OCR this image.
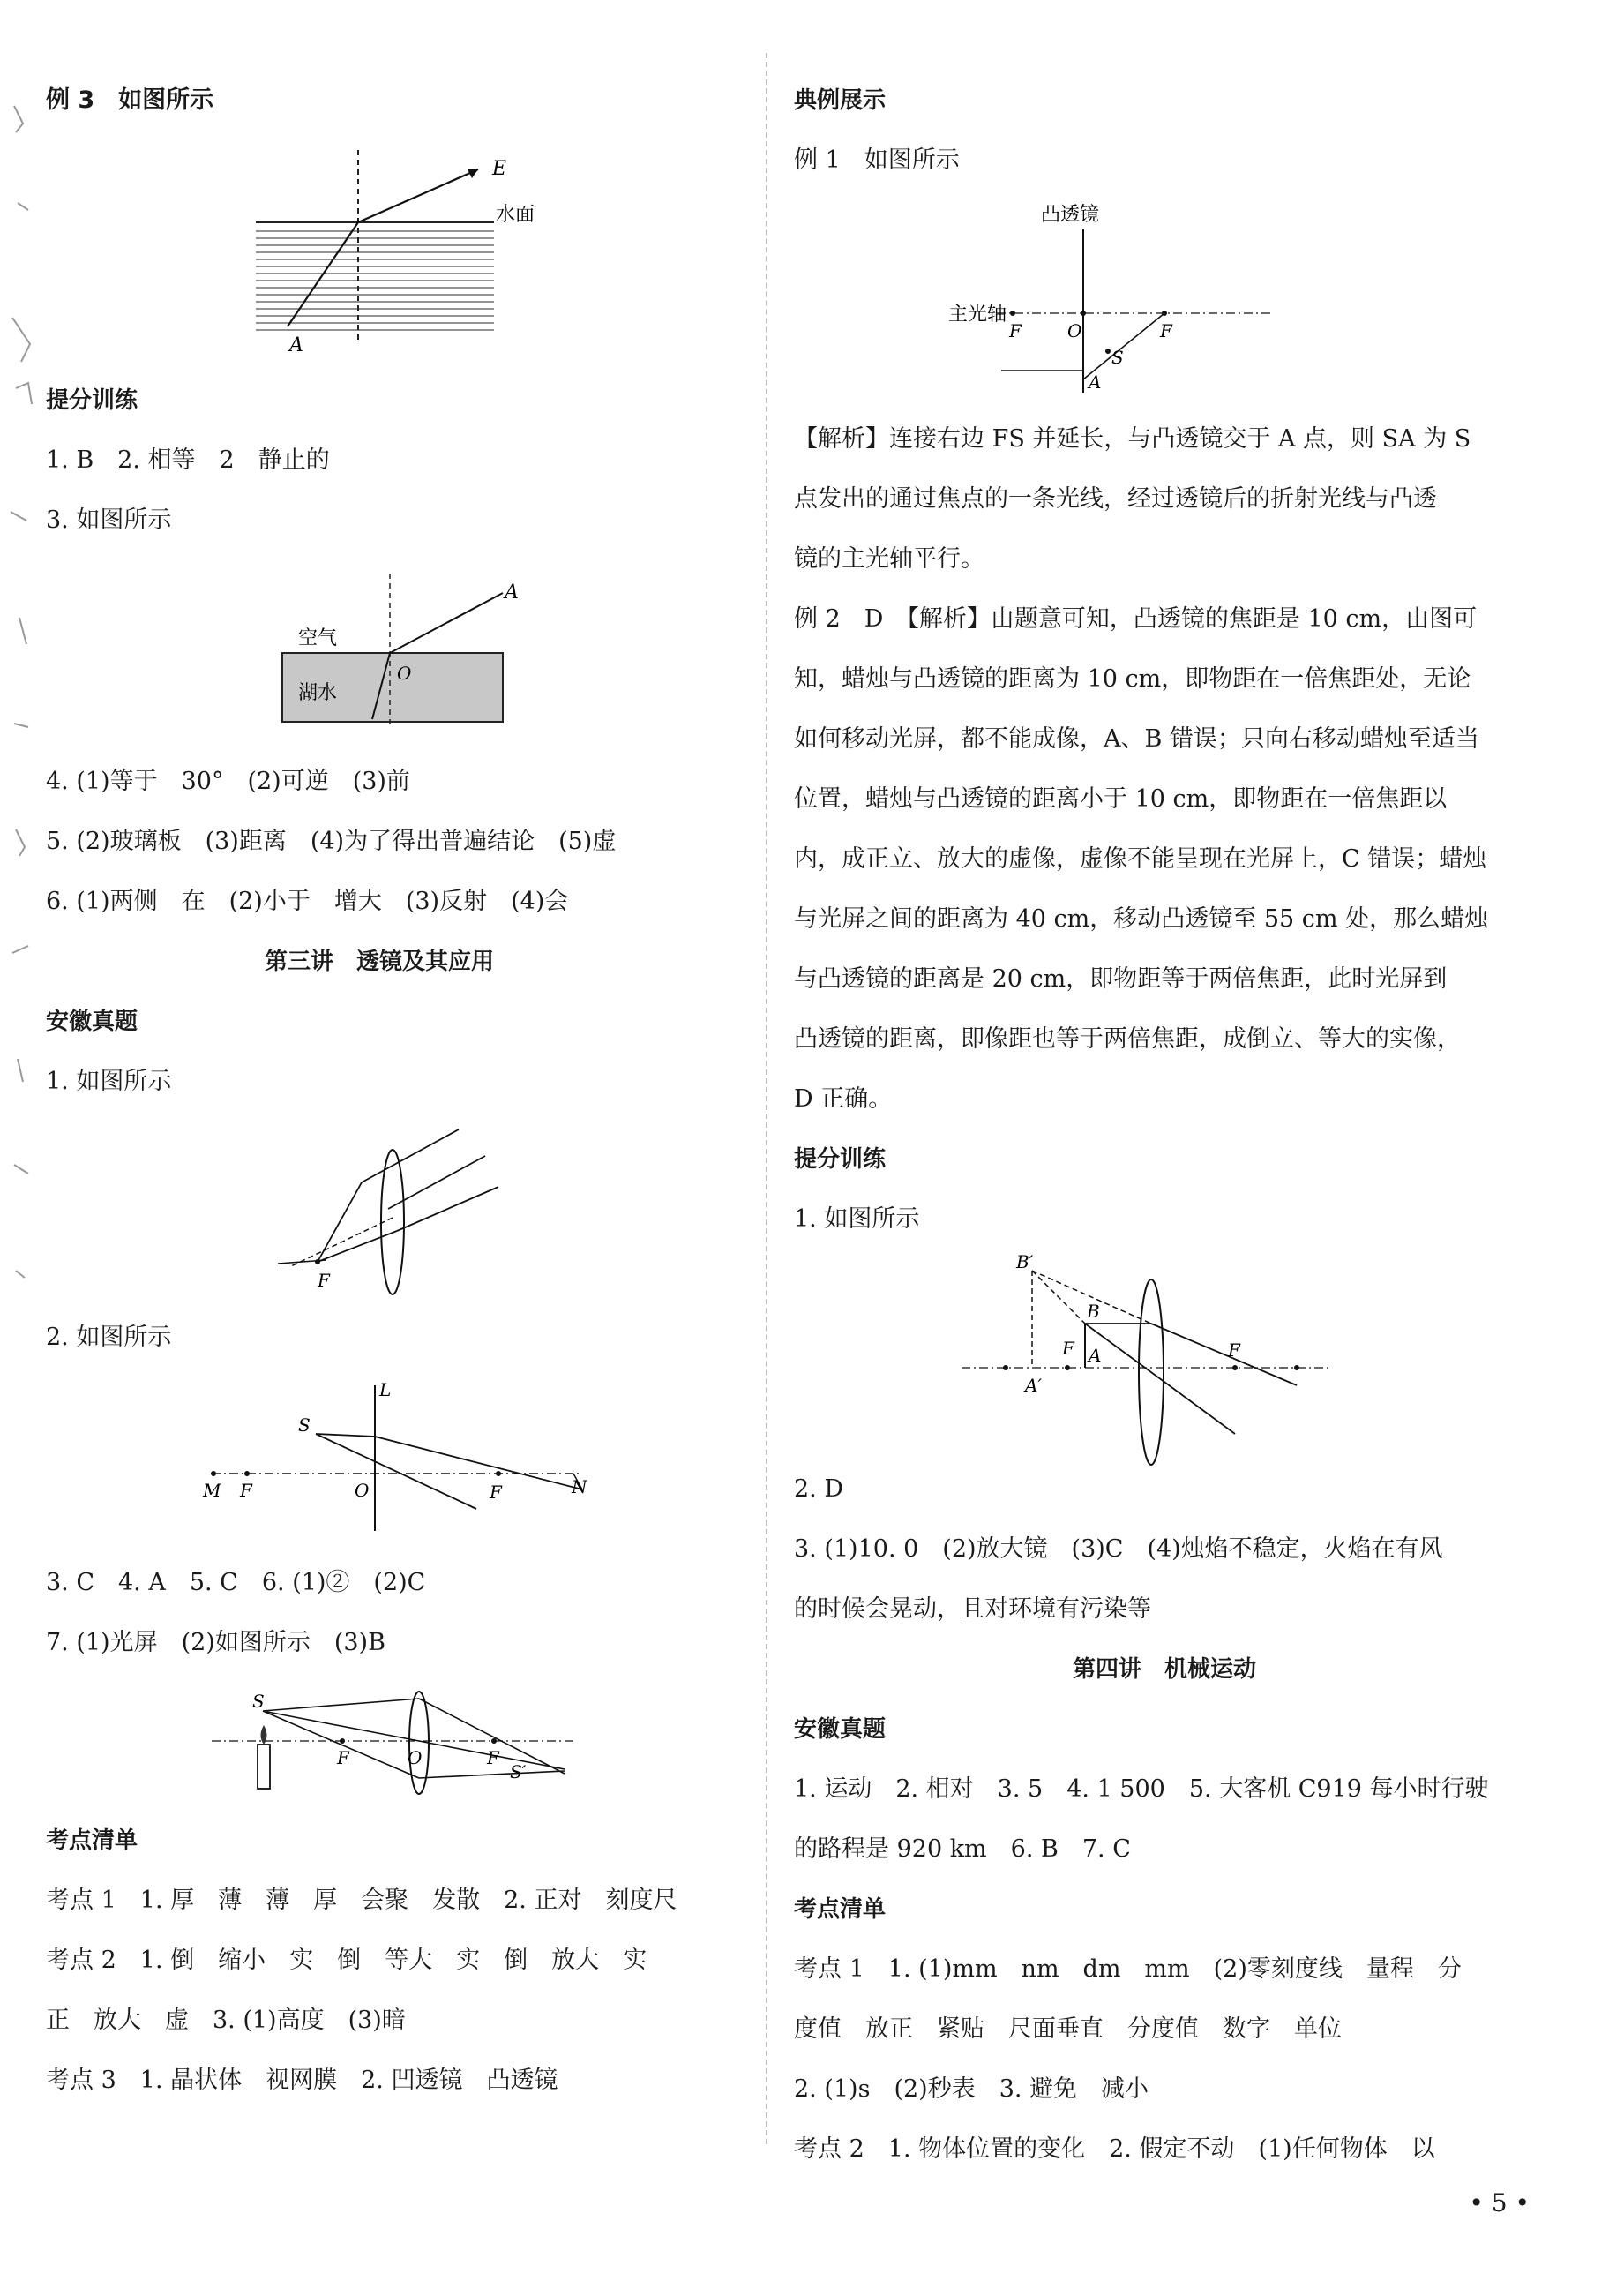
例 3　如图所示
A
E
水面
提分训练
1. B　2. 相等　2　静止的
3. 如图所示
A
O
空气
湖水
4. (1)等于　30°　(2)可逆　(3)前
5. (2)玻璃板　(3)距离　(4)为了得出普遍结论　(5)虚
6. (1)两侧　在　(2)小于　增大　(3)反射　(4)会
第三讲　透镜及其应用
安徽真题
1. 如图所示
F
2. 如图所示
L
S
M F	O	F	N
3. C　4. A　5. C　6. (1)②　(2)C
7. (1)光屏　(2)如图所示　(3)B
S
F	O	F
S′
考点清单
考点 1　1. 厚　薄　薄　厚　会聚　发散　2. 正对　刻度尺
考点 2　1. 倒　缩小　实　倒　等大　实　倒　放大　实
正　放大　虚　3. (1)高度　(3)暗
考点 3　1. 晶状体　视网膜　2. 凹透镜　凸透镜
典例展示
例 1　如图所示
凸透镜
主光轴
F	O	F
S
A
【解析】连接右边 FS 并延长，与凸透镜交于 A 点，则 SA 为 S
点发出的通过焦点的一条光线，经过透镜后的折射光线与凸透
镜的主光轴平行。
例 2　D　【解析】由题意可知，凸透镜的焦距是 10 cm，由图可
知，蜡烛与凸透镜的距离为 10 cm，即物距在一倍焦距处，无论
如何移动光屏，都不能成像，A、B 错误；只向右移动蜡烛至适当
位置，蜡烛与凸透镜的距离小于 10 cm，即物距在一倍焦距以
内，成正立、放大的虚像，虚像不能呈现在光屏上，C 错误；蜡烛
与光屏之间的距离为 40 cm，移动凸透镜至 55 cm 处，那么蜡烛
与凸透镜的距离是 20 cm，即物距等于两倍焦距，此时光屏到
凸透镜的距离，即像距也等于两倍焦距，成倒立、等大的实像，
D 正确。
提分训练
1. 如图所示
B′
B
F A
A′
F
2. D
3. (1)10. 0　(2)放大镜　(3)C　(4)烛焰不稳定，火焰在有风
的时候会晃动，且对环境有污染等
第四讲　机械运动
安徽真题
1. 运动　2. 相对　3. 5　4. 1 500　5. 大客机 C919 每小时行驶
的路程是 920 km　6. B　7. C
考点清单
考点 1　1. (1)mm　nm　dm　mm　(2)零刻度线　量程　分
度值　放正　紧贴　尺面垂直　分度值　数字　单位
2. (1)s　(2)秒表　3. 避免　减小
考点 2　1. 物体位置的变化　2. 假定不动　(1)任何物体　以
• 5 •
